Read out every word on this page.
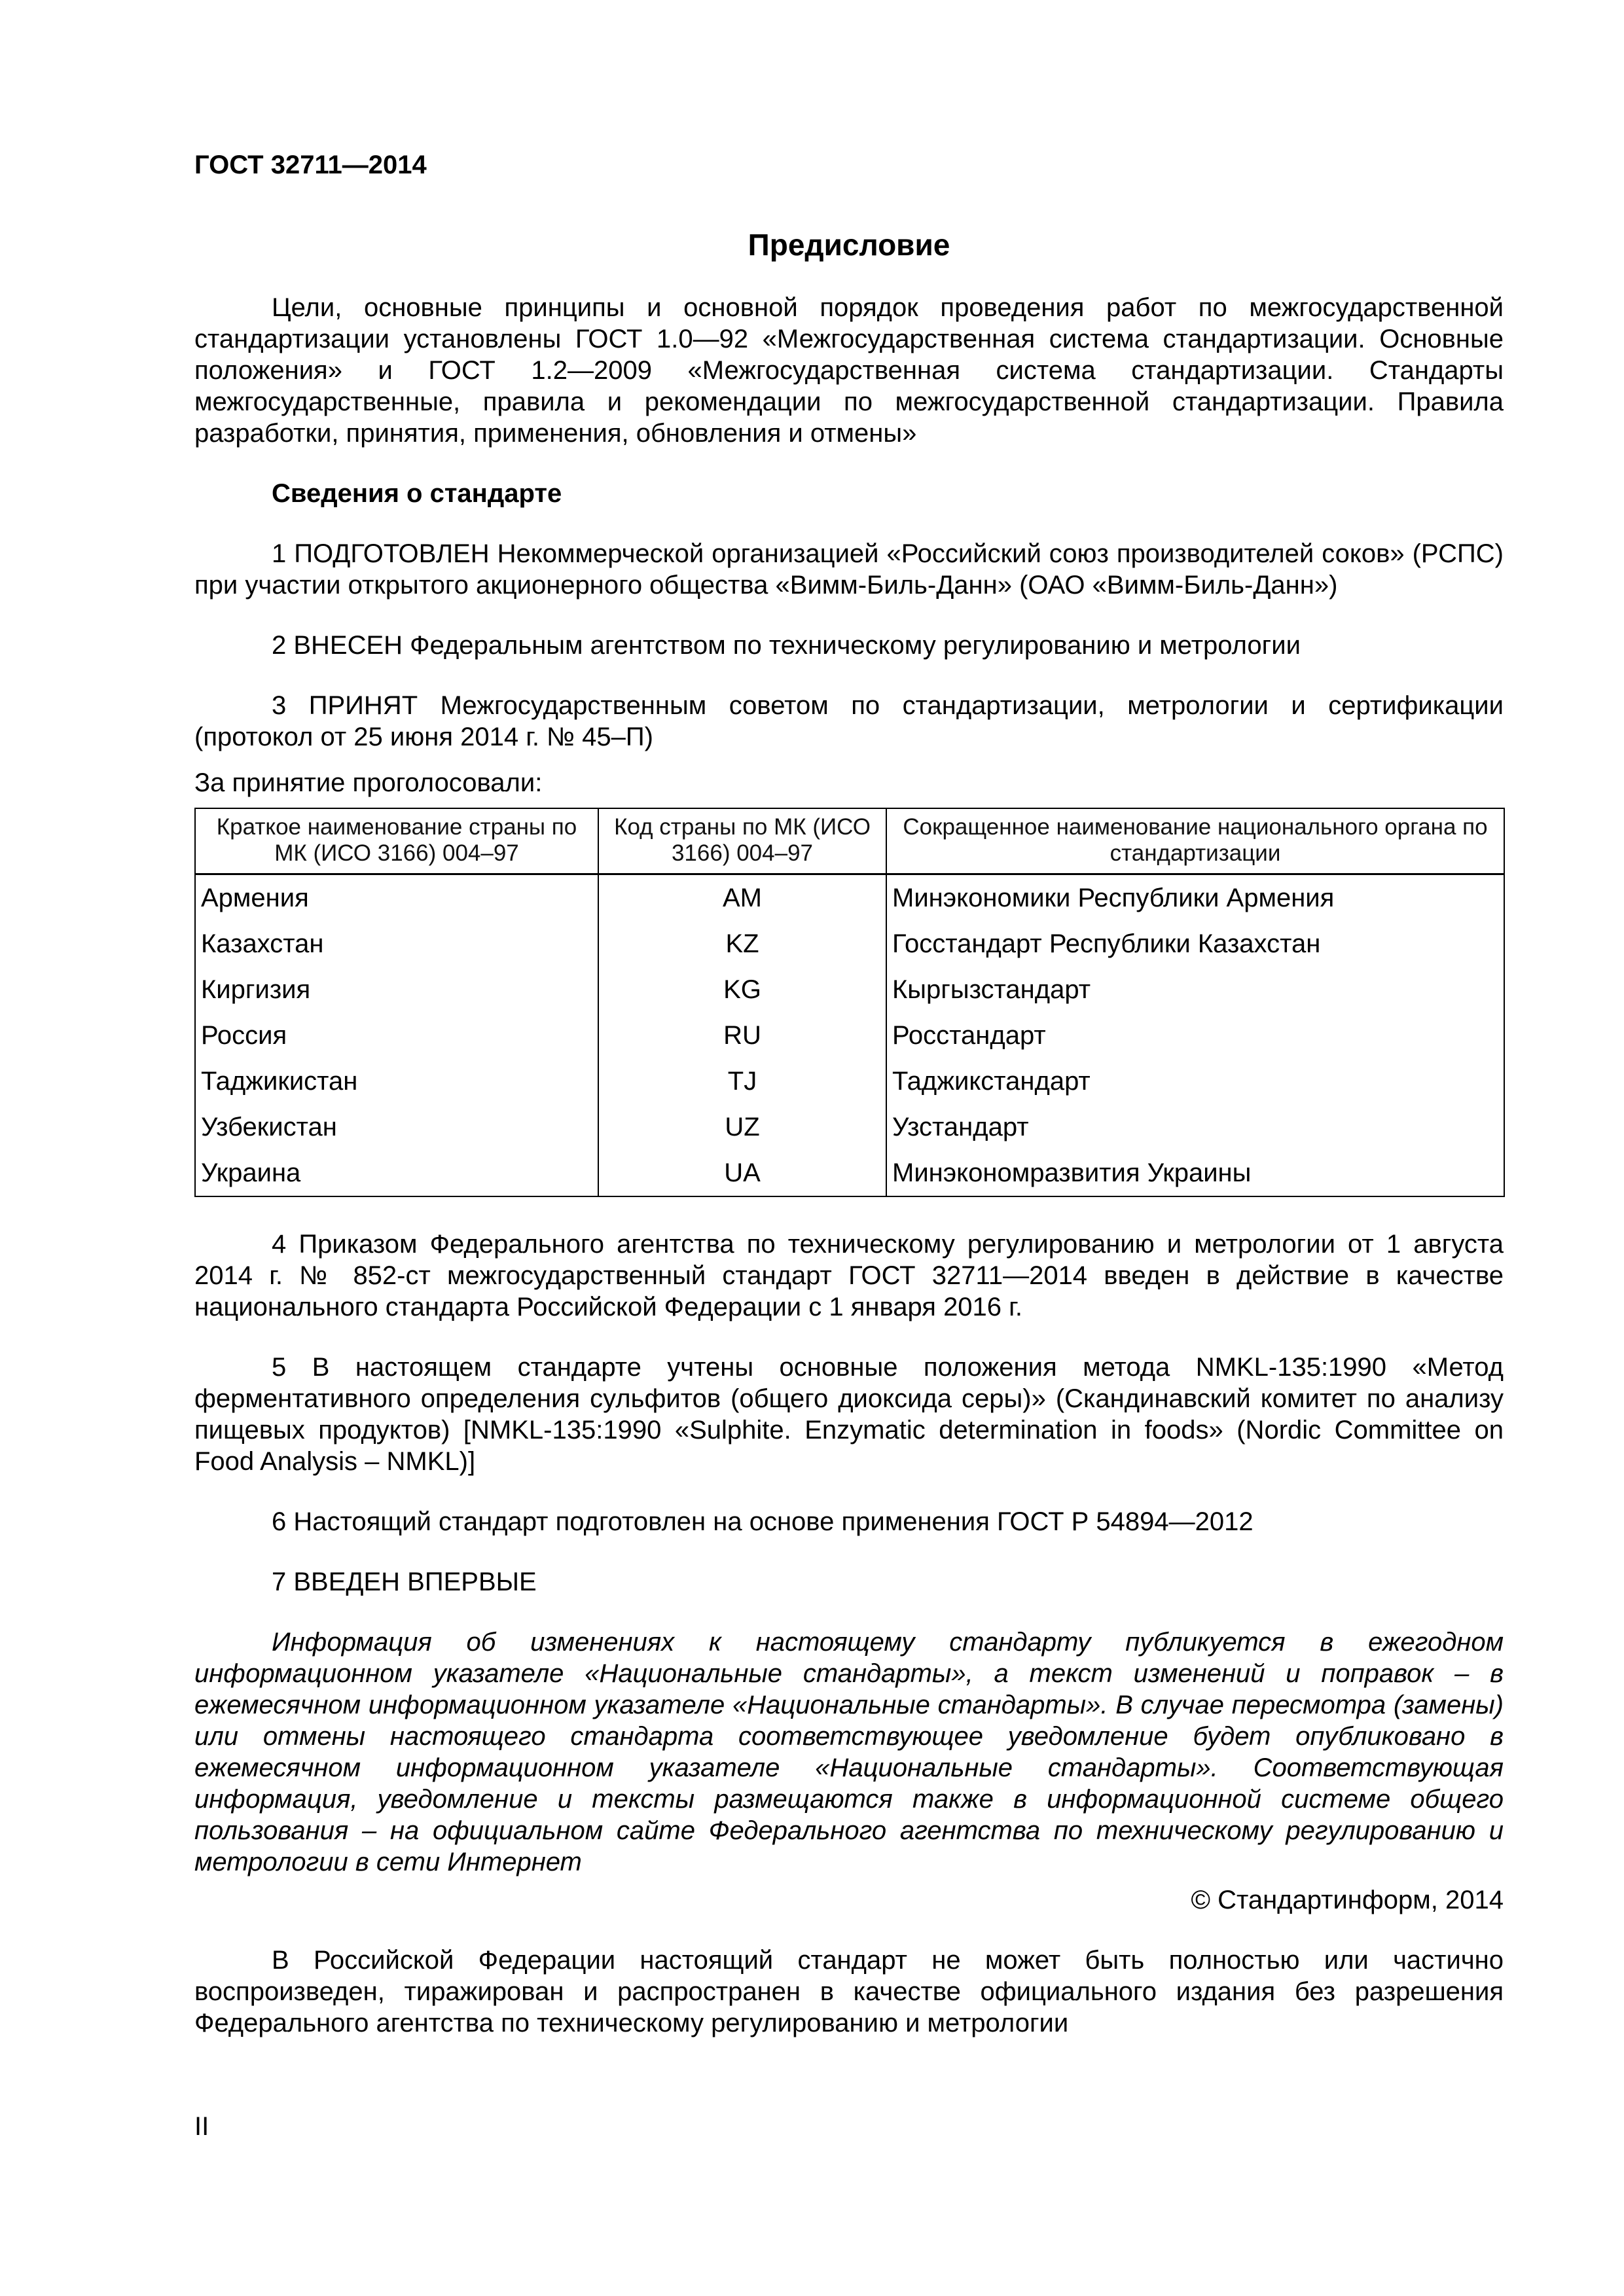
ГОСТ 32711—2014

Предисловие

Цели, основные принципы и основной порядок проведения работ по межгосударственной стандартизации установлены ГОСТ 1.0—92 «Межгосударственная система стандартизации. Основные положения» и ГОСТ 1.2—2009 «Межгосударственная система стандартизации. Стандарты межгосударственные, правила и рекомендации по межгосударственной стандартизации. Правила разработки, принятия, применения, обновления и отмены»

Сведения о стандарте

1 ПОДГОТОВЛЕН Некоммерческой организацией «Российский союз производителей соков» (РСПС) при участии открытого акционерного общества «Вимм-Биль-Данн» (ОАО «Вимм-Биль-Данн»)

2 ВНЕСЕН Федеральным агентством по техническому регулированию и метрологии

3 ПРИНЯТ Межгосударственным советом по стандартизации, метрологии и сертификации (протокол от 25 июня 2014 г. № 45–П)

За принятие проголосовали:

Краткое наименование страны по МК (ИСО 3166) 004–97	Код страны по МК (ИСО 3166) 004–97	Сокращенное наименование национального органа по стандартизации
Армения	AM	Минэкономики Республики Армения
Казахстан	KZ	Госстандарт Республики Казахстан
Киргизия	KG	Кыргызстандарт
Россия	RU	Росстандарт
Таджикистан	TJ	Таджикстандарт
Узбекистан	UZ	Узстандарт
Украина	UA	Минэкономразвития Украины

4 Приказом Федерального агентства по техническому регулированию и метрологии от 1 августа 2014 г. № 852-ст межгосударственный стандарт ГОСТ 32711—2014 введен в действие в качестве национального стандарта Российской Федерации с 1 января 2016 г.

5 В настоящем стандарте учтены основные положения метода NMKL-135:1990 «Метод ферментативного определения сульфитов (общего диоксида серы)» (Скандинавский комитет по анализу пищевых продуктов) [NMKL-135:1990 «Sulphite. Enzymatic determination in foods» (Nordic Committee on Food Analysis – NMKL)]

6 Настоящий стандарт подготовлен на основе применения ГОСТ Р 54894—2012

7 ВВЕДЕН ВПЕРВЫЕ

Информация об изменениях к настоящему стандарту публикуется в ежегодном информационном указателе «Национальные стандарты», а текст изменений и поправок – в ежемесячном информационном указателе «Национальные стандарты». В случае пересмотра (замены) или отмены настоящего стандарта соответствующее уведомление будет опубликовано в ежемесячном информационном указателе «Национальные стандарты». Соответствующая информация, уведомление и тексты размещаются также в информационной системе общего пользования – на официальном сайте Федерального агентства по техническому регулированию и метрологии в сети Интернет

© Стандартинформ, 2014

В Российской Федерации настоящий стандарт не может быть полностью или частично воспроизведен, тиражирован и распространен в качестве официального издания без разрешения Федерального агентства по техническому регулированию и метрологии

II
